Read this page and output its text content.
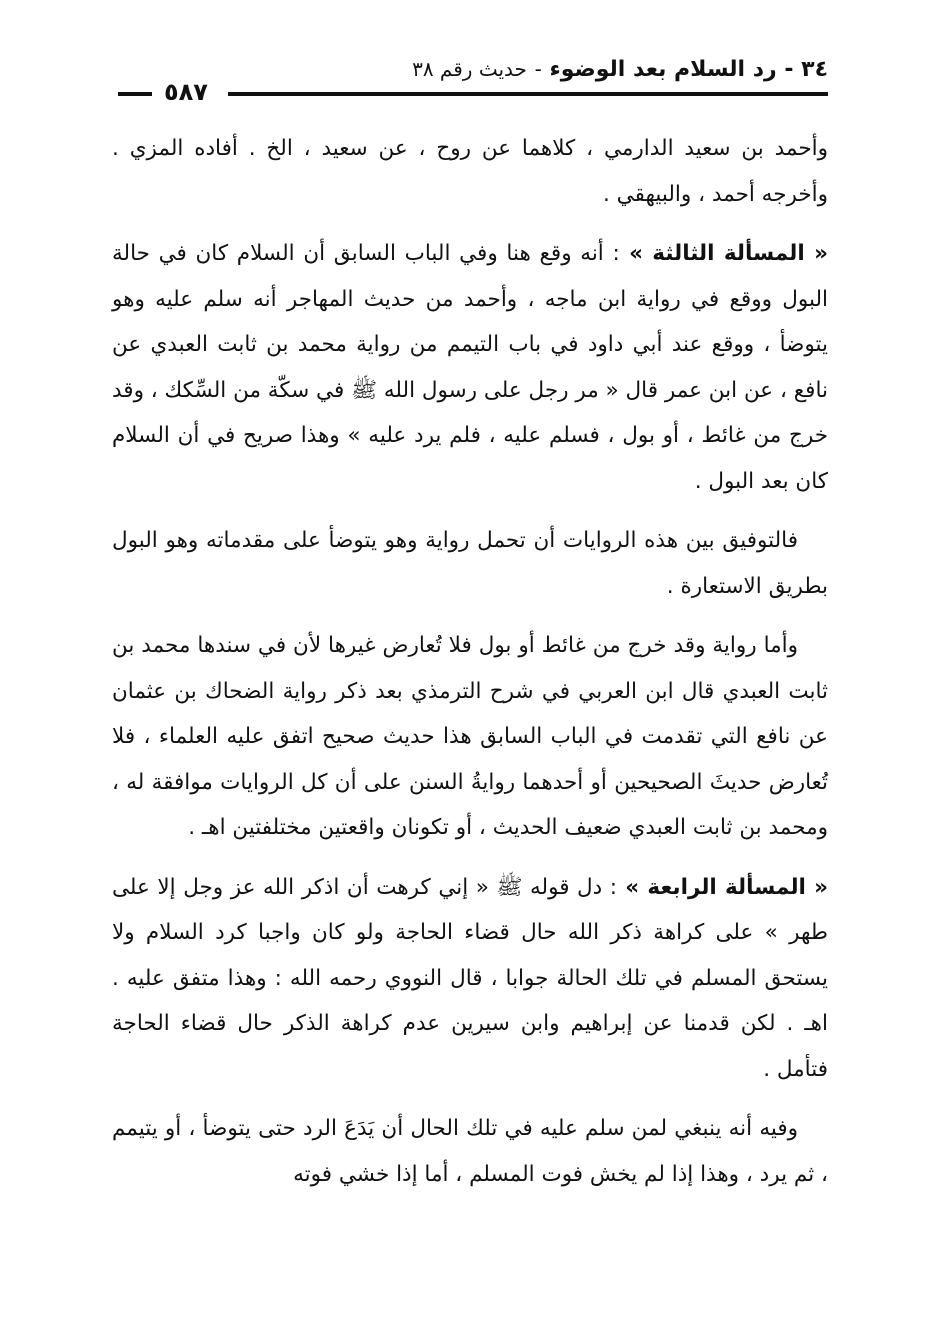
٣٤ - رد السلام بعد الوضوء - حديث رقم ٣٨
٥٨٧

وأحمد بن سعيد الدارمي ، كلاهما عن روح ، عن سعيد ، الخ . أفاده المزي . وأخرجه أحمد ، والبيهقي .

« المسألة الثالثة » : أنه وقع هنا وفي الباب السابق أن السلام كان في حالة البول ووقع في رواية ابن ماجه ، وأحمد من حديث المهاجر أنه سلم عليه وهو يتوضأ ، ووقع عند أبي داود في باب التيمم من رواية محمد بن ثابت العبدي عن نافع ، عن ابن عمر قال « مر رجل على رسول الله ﷺ في سكّة من السِّكك ، وقد خرج من غائط ، أو بول ، فسلم عليه ، فلم يرد عليه » وهذا صريح في أن السلام كان بعد البول .

فالتوفيق بين هذه الروايات أن تحمل رواية وهو يتوضأ على مقدماته وهو البول بطريق الاستعارة .

وأما رواية وقد خرج من غائط أو بول فلا تُعارض غيرها لأن في سندها محمد بن ثابت العبدي قال ابن العربي في شرح الترمذي بعد ذكر رواية الضحاك بن عثمان عن نافع التي تقدمت في الباب السابق هذا حديث صحيح اتفق عليه العلماء ، فلا تُعارض حديثَ الصحيحين أو أحدهما روايةُ السنن على أن كل الروايات موافقة له ، ومحمد بن ثابت العبدي ضعيف الحديث ، أو تكونان واقعتين مختلفتين اهـ .

« المسألة الرابعة » : دل قوله ﷺ « إني كرهت أن اذكر الله عز وجل إلا على طهر » على كراهة ذكر الله حال قضاء الحاجة ولو كان واجبا كرد السلام ولا يستحق المسلم في تلك الحالة جوابا ، قال النووي رحمه الله : وهذا متفق عليه . اهـ . لكن قدمنا عن إبراهيم وابن سيرين عدم كراهة الذكر حال قضاء الحاجة فتأمل .

وفيه أنه ينبغي لمن سلم عليه في تلك الحال أن يَدَعَ الرد حتى يتوضأ ، أو يتيمم ، ثم يرد ، وهذا إذا لم يخش فوت المسلم ، أما إذا خشي فوته
